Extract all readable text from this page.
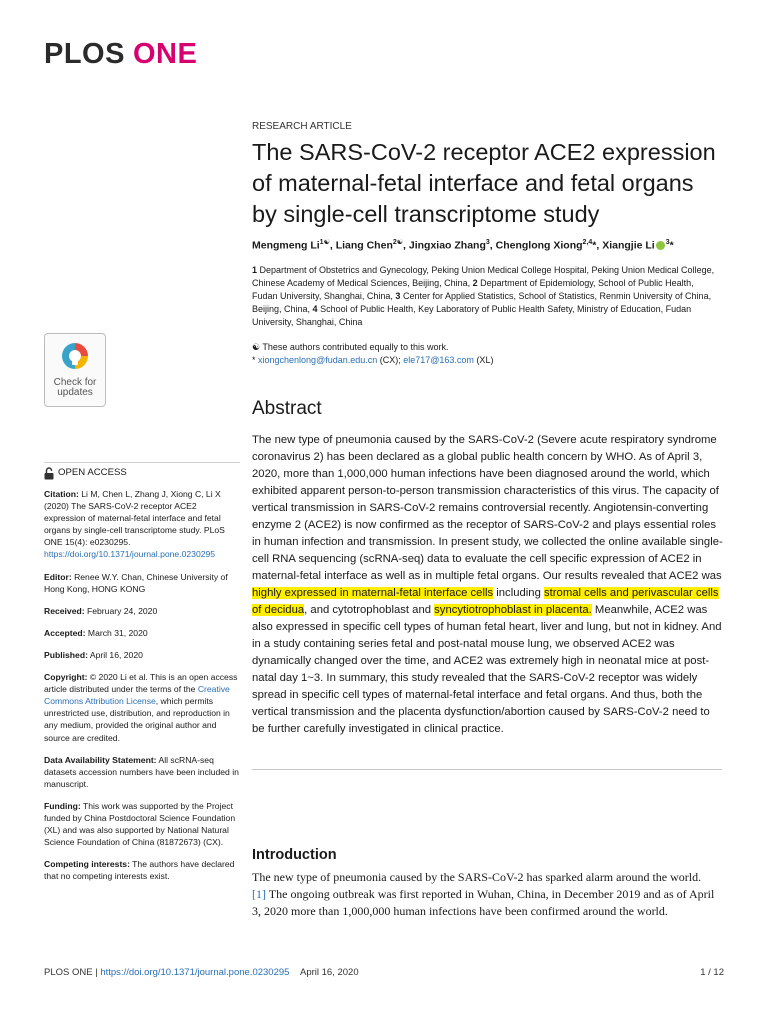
PLOS ONE
Check for
updates
OPEN ACCESS

Citation: Li M, Chen L, Zhang J, Xiong C, Li X (2020) The SARS-CoV-2 receptor ACE2 expression of maternal-fetal interface and fetal organs by single-cell transcriptome study. PLoS ONE 15(4): e0230295. https://doi.org/10.1371/journal.pone.0230295

Editor: Renee W.Y. Chan, Chinese University of Hong Kong, HONG KONG

Received: February 24, 2020

Accepted: March 31, 2020

Published: April 16, 2020

Copyright: © 2020 Li et al. This is an open access article distributed under the terms of the Creative Commons Attribution License, which permits unrestricted use, distribution, and reproduction in any medium, provided the original author and source are credited.

Data Availability Statement: All scRNA-seq datasets accession numbers have been included in manuscript.

Funding: This work was supported by the Project funded by China Postdoctoral Science Foundation (XL) and was also supported by National Natural Science Foundation of China (81872673) (CX).

Competing interests: The authors have declared that no competing interests exist.

RESEARCH ARTICLE
The SARS-CoV-2 receptor ACE2 expression of maternal-fetal interface and fetal organs by single-cell transcriptome study
Mengmeng $Li^{1☯}$, Liang Chen$^{2☯}$, Jingxiao Zhang$^3$, Chenglong Xiong$^{2,4}$*, Xiangjie Li $^3$*
1 Department of Obstetrics and Gynecology, Peking Union Medical College Hospital, Peking Union Medical College, Chinese Academy of Medical Sciences, Beijing, China, 2 Department of Epidemiology, School of Public Health, Fudan University, Shanghai, China, 3 Center for Applied Statistics, School of Statistics, Renmin University of China, Beijing, China, 4 School of Public Health, Key Laboratory of Public Health Safety, Ministry of Education, Fudan University, Shanghai, China
☯ These authors contributed equally to this work.
* xiongchenlong@fudan.edu.cn (CX); ele717@163.com (XL)
Abstract
The new type of pneumonia caused by the SARS-CoV-2 (Severe acute respiratory syndrome coronavirus 2) has been declared as a global public health concern by WHO. As of April 3, 2020, more than 1,000,000 human infections have been diagnosed around the world, which exhibited apparent person-to-person transmission characteristics of this virus. The capacity of vertical transmission in SARS-CoV-2 remains controversial recently. Angiotensin-converting enzyme 2 (ACE2) is now confirmed as the receptor of SARS-CoV-2 and plays essential roles in human infection and transmission. In present study, we collected the online available single-cell RNA sequencing (scRNA-seq) data to evaluate the cell specific expression of ACE2 in maternal-fetal interface as well as in multiple fetal organs. Our results revealed that ACE2 was highly expressed in maternal-fetal interface cells including stromal cells and perivascular cells of decidua, and cytotrophoblast and syncytiotrophoblast in placenta. Meanwhile, ACE2 was also expressed in specific cell types of human fetal heart, liver and lung, but not in kidney. And in a study containing series fetal and post-natal mouse lung, we observed ACE2 was dynamically changed over the time, and ACE2 was extremely high in neonatal mice at post-natal day 1~3. In summary, this study revealed that the SARS-CoV-2 receptor was widely spread in specific cell types of maternal-fetal interface and fetal organs. And thus, both the vertical transmission and the placenta dysfunction/abortion caused by SARS-CoV-2 need to be further carefully investigated in clinical practice.
Introduction
The new type of pneumonia caused by the SARS-CoV-2 has sparked alarm around the world.
[1] The ongoing outbreak was first reported in Wuhan, China, in December 2019 and as of April 3, 2020 more than 1,000,000 human infections have been confirmed around the world.
PLOS ONE | https://doi.org/10.1371/journal.pone.0230295 April 16, 2020	1 / 12
